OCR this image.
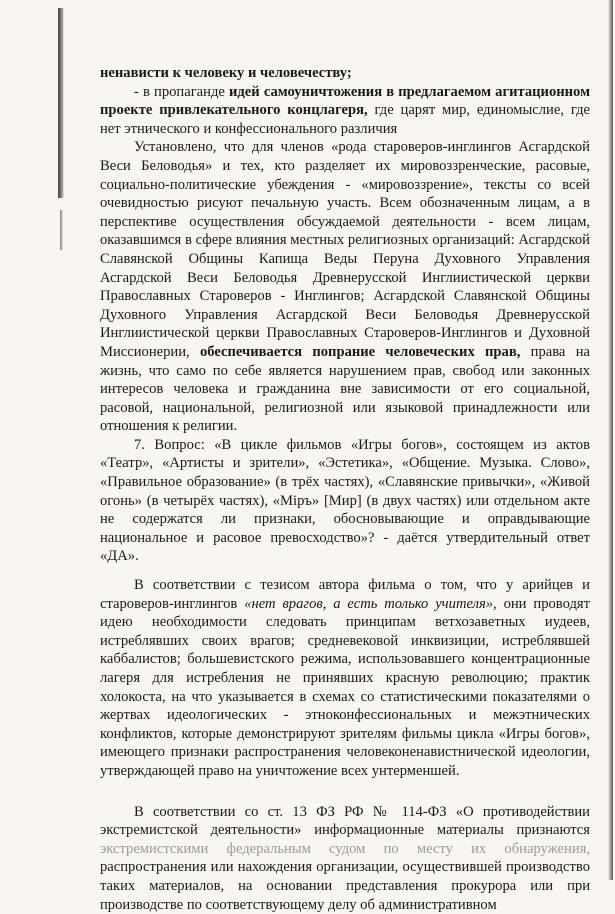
ненависти к человеку и человечеству;

- в пропаганде идей самоуничтожения в предлагаемом агитационном проекте привлекательного концлагеря, где царят мир, единомыслие, где нет этнического и конфессионального различия

Установлено, что для членов «рода староверов-инглингов Асгардской Веси Беловодья» и тех, кто разделяет их мировоззренческие, расовые, социально-политические убеждения - «мировоззрение», тексты со всей очевидностью рисуют печальную участь. Всем обозначенным лицам, а в перспективе осуществления обсуждаемой деятельности - всем лицам, оказавшимся в сфере влияния местных религиозных организаций: Асгардской Славянской Общины Капища Веды Перуна Духовного Управления Асгардской Веси Беловодья Древнерусской Инглиистической церкви Православных Староверов - Инглингов; Асгардской Славянской Общины Духовного Управления Асгардской Веси Беловодья Древнерусской Инглиистической церкви Православных Староверов-Инглингов и Духовной Миссионерии, обеспечивается попрание человеческих прав, права на жизнь, что само по себе является нарушением прав, свобод или законных интересов человека и гражданина вне зависимости от его социальной, расовой, национальной, религиозной или языковой принадлежности или отношения к религии.

7. Вопрос: «В цикле фильмов «Игры богов», состоящем из актов «Театр», «Артисты и зрители», «Эстетика», «Общение. Музыка. Слово», «Правильное образование» (в трёх частях), «Славянские привычки», «Живой огонь» (в четырёх частях), «Міръ» [Мир] (в двух частях) или отдельном акте не содержатся ли признаки, обосновывающие и оправдывающие национальное и расовое превосходство»? - даётся утвердительный ответ «ДА».

В соответствии с тезисом автора фильма о том, что у арийцев и староверов-инглингов «нет врагов, а есть только учителя», они проводят идею необходимости следовать принципам ветхозаветных иудеев, истреблявших своих врагов; средневековой инквизиции, истреблявшей каббалистов; большевистского режима, использовавшего концентрационные лагеря для истребления не принявших красную революцию; практик холокоста, на что указывается в схемах со статистическими показателями о жертвах идеологических - этноконфессиональных и межэтнических конфликтов, которые демонстрируют зрителям фильмы цикла «Игры богов», имеющего признаки распространения человеконенавистнической идеологии, утверждающей право на уничтожение всех унтерменшей.

В соответствии со ст. 13 ФЗ РФ № 114-ФЗ «О противодействии экстремистской деятельности» информационные материалы признаются экстремистскими федеральным судом по месту их обнаружения, распространения или нахождения организации, осуществившей производство таких материалов, на основании представления прокурора или при производстве по соответствующему делу об административном
